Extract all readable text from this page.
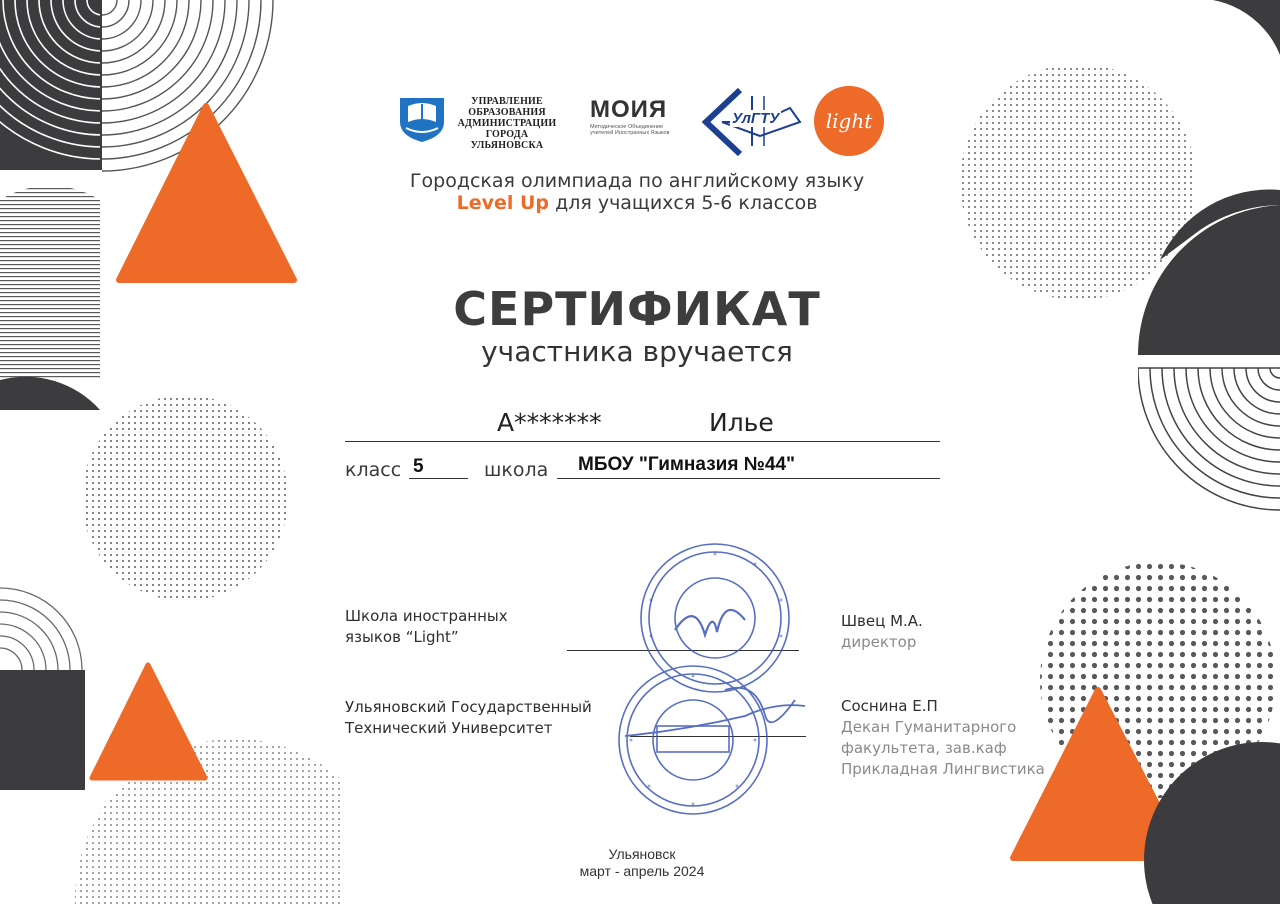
УПРАВЛЕНИЕ
ОБРАЗОВАНИЯ
АДМИНИСТРАЦИИ
ГОРОДА УЛЬЯНОВСКА
МОИЯ
Методическое Объединение
учителей Иностранных Языков
УлГТУ light
Городская олимпиада по английскому языку
Level Up для учащихся 5-6 классов
СЕРТИФИКАТ
участника вручается
А*******	Илье
класс 5	школа МБОУ "Гимназия №44"
Школа иностранных
языков “Light”
Швец М.А.
директор
Ульяновский Государственный
Технический Университет
Соснина Е.П
Декан Гуманитарного
факультета, зав.каф
Прикладная Лингвистика
Ульяновск
март - апрель 2024
